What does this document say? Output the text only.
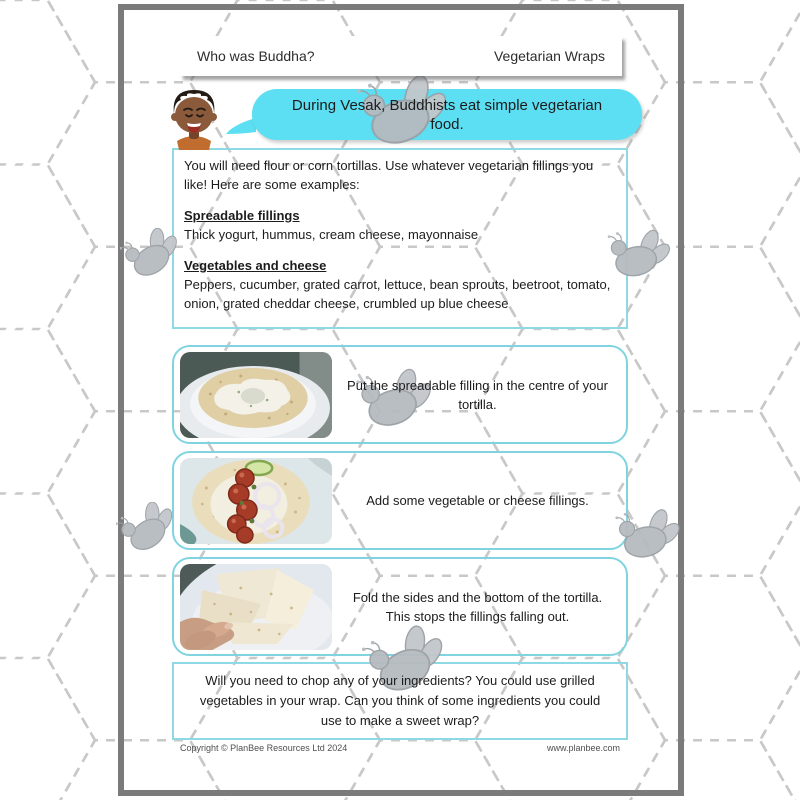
Who was Buddha?	Vegetarian Wraps
During Vesak, Buddhists eat simple vegetarian food.
You will need flour or corn tortillas. Use whatever vegetarian fillings you like! Here are some examples:
Spreadable fillings
Thick yogurt, hummus, cream cheese, mayonnaise
Vegetables and cheese
Peppers, cucumber, grated carrot, lettuce, bean sprouts, beetroot, tomato, onion, grated cheddar cheese, crumbled up blue cheese
Put the spreadable filling in the centre of your tortilla.
Add some vegetable or cheese fillings.
Fold the sides and the bottom of the tortilla. This stops the fillings falling out.
Will you need to chop any of your ingredients? You could use grilled vegetables in your wrap. Can you think of some ingredients you could use to make a sweet wrap?
Copyright © PlanBee Resources Ltd 2024	www.planbee.com
